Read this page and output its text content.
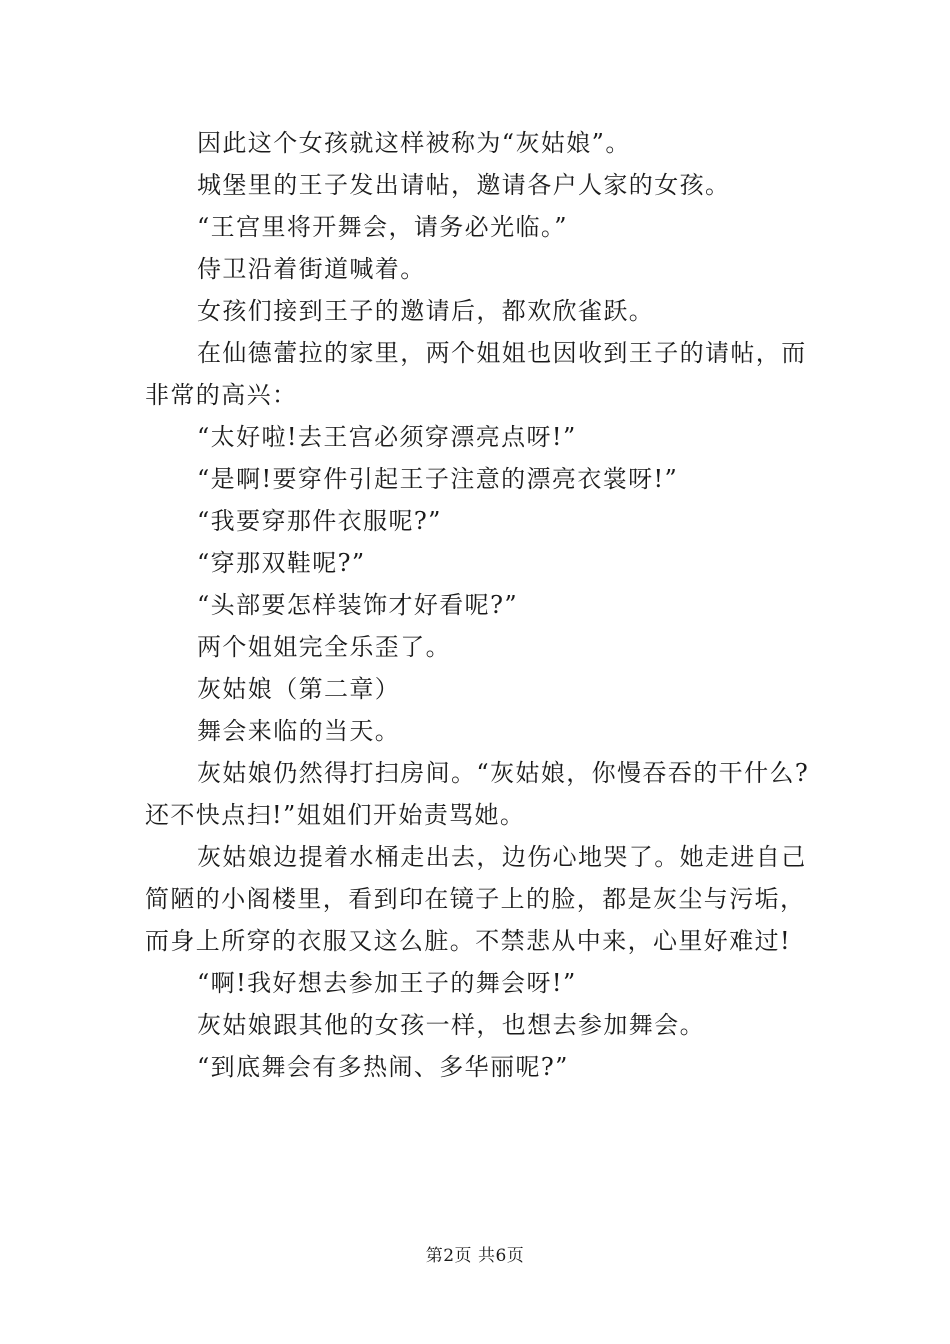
因此这个女孩就这样被称为“灰姑娘”。

城堡里的王子发出请帖，邀请各户人家的女孩。

“王宫里将开舞会，请务必光临。”

侍卫沿着街道喊着。

女孩们接到王子的邀请后，都欢欣雀跃。

在仙德蕾拉的家里，两个姐姐也因收到王子的请帖，而非常的高兴：

“太好啦!去王宫必须穿漂亮点呀!”

“是啊!要穿件引起王子注意的漂亮衣裳呀!”

“我要穿那件衣服呢?”

“穿那双鞋呢?”

“头部要怎样装饰才好看呢?”

两个姐姐完全乐歪了。

灰姑娘（第二章）

舞会来临的当天。

灰姑娘仍然得打扫房间。“灰姑娘，你慢吞吞的干什么?还不快点扫!”姐姐们开始责骂她。

灰姑娘边提着水桶走出去，边伤心地哭了。她走进自己简陋的小阁楼里，看到印在镜子上的脸，都是灰尘与污垢，而身上所穿的衣服又这么脏。不禁悲从中来，心里好难过!

“啊!我好想去参加王子的舞会呀!”

灰姑娘跟其他的女孩一样，也想去参加舞会。

“到底舞会有多热闹、多华丽呢?”

第2页 共6页
